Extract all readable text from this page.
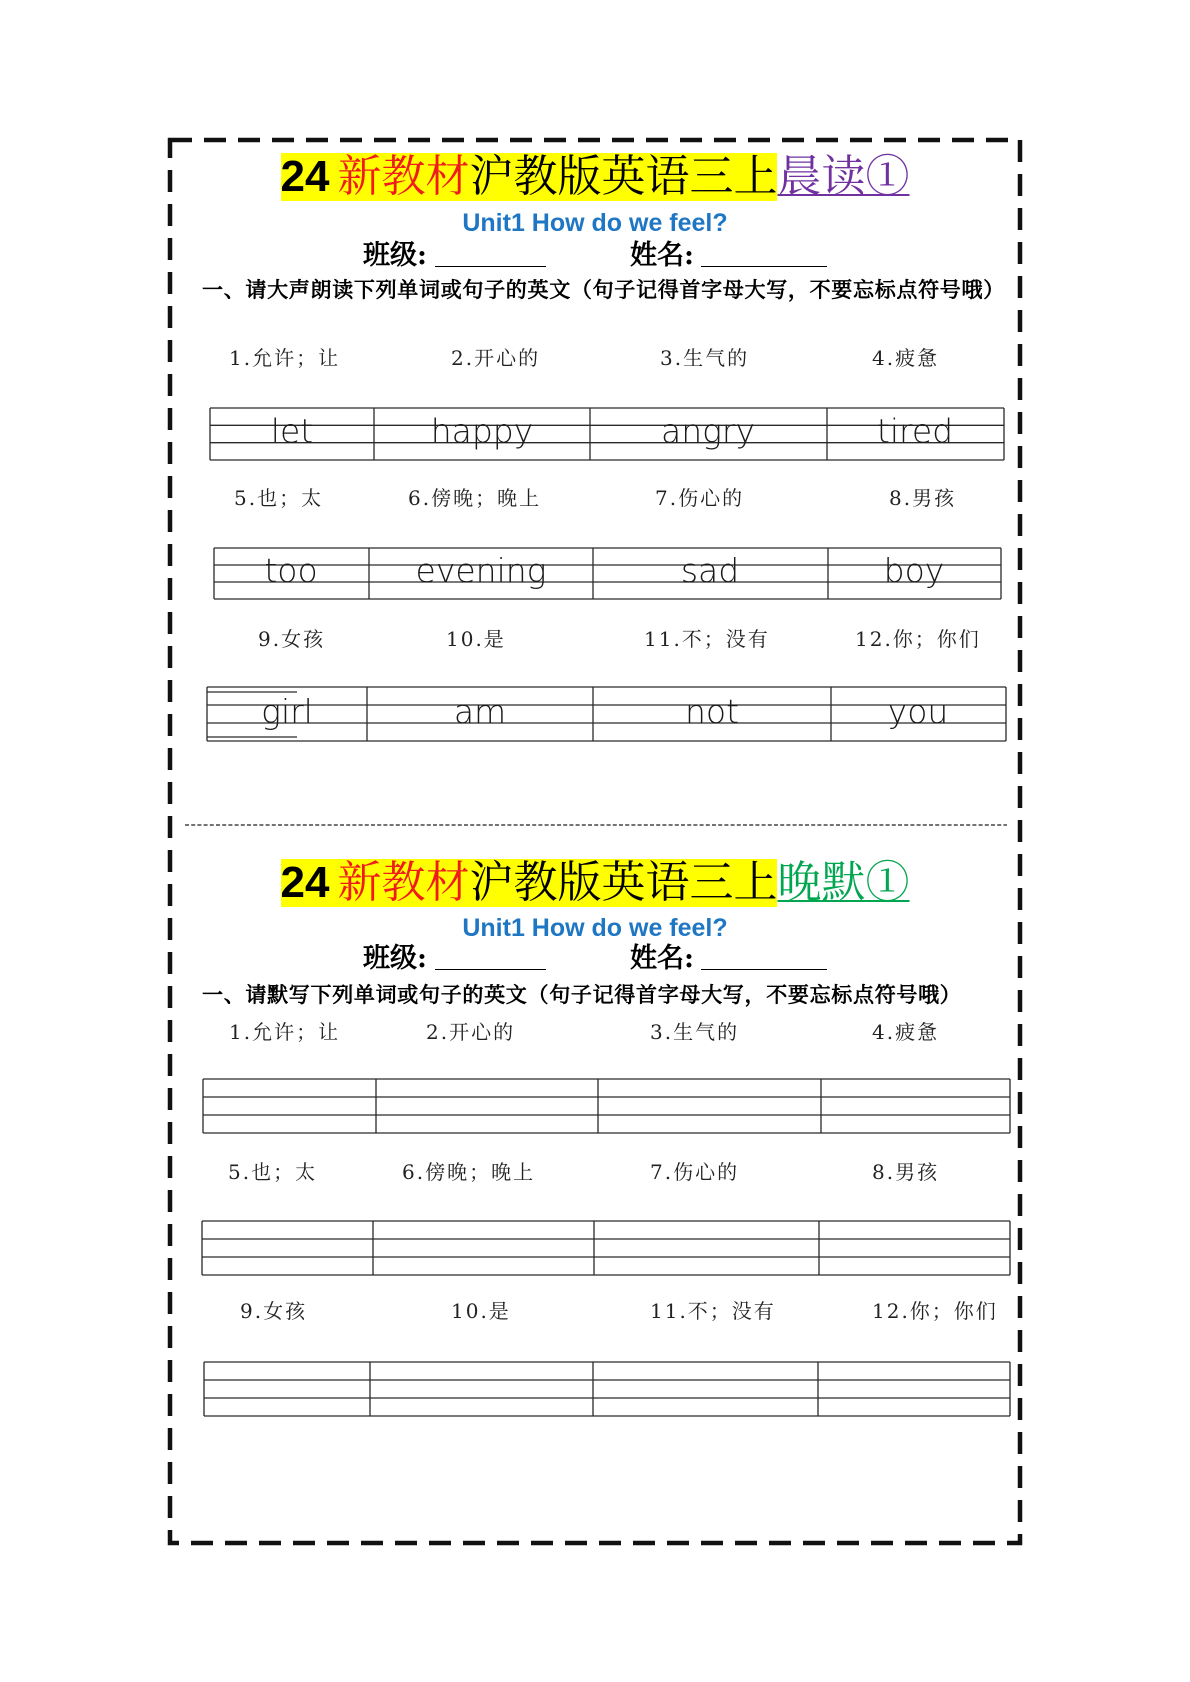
24 新教材沪教版英语三上晨读①
Unit1 How do we feel?
班级:	姓名:
一、请大声朗读下列单词或句子的英文（句子记得首字母大写，不要忘标点符号哦）
1.允许；让	2.开心的	3.生气的	4.疲惫
let	happy	angry	tired
5.也；太	6.傍晚；晚上	7.伤心的	8.男孩
too	evening	sad	boy
9.女孩	10.是	11.不；没有	12.你；你们
girl	am	not	you
24 新教材沪教版英语三上晚默①
Unit1 How do we feel?
班级:	姓名:
一、请默写下列单词或句子的英文（句子记得首字母大写，不要忘标点符号哦）
1.允许；让	2.开心的	3.生气的	4.疲惫
5.也；太	6.傍晚；晚上	7.伤心的	8.男孩
9.女孩	10.是	11.不；没有	12.你；你们
